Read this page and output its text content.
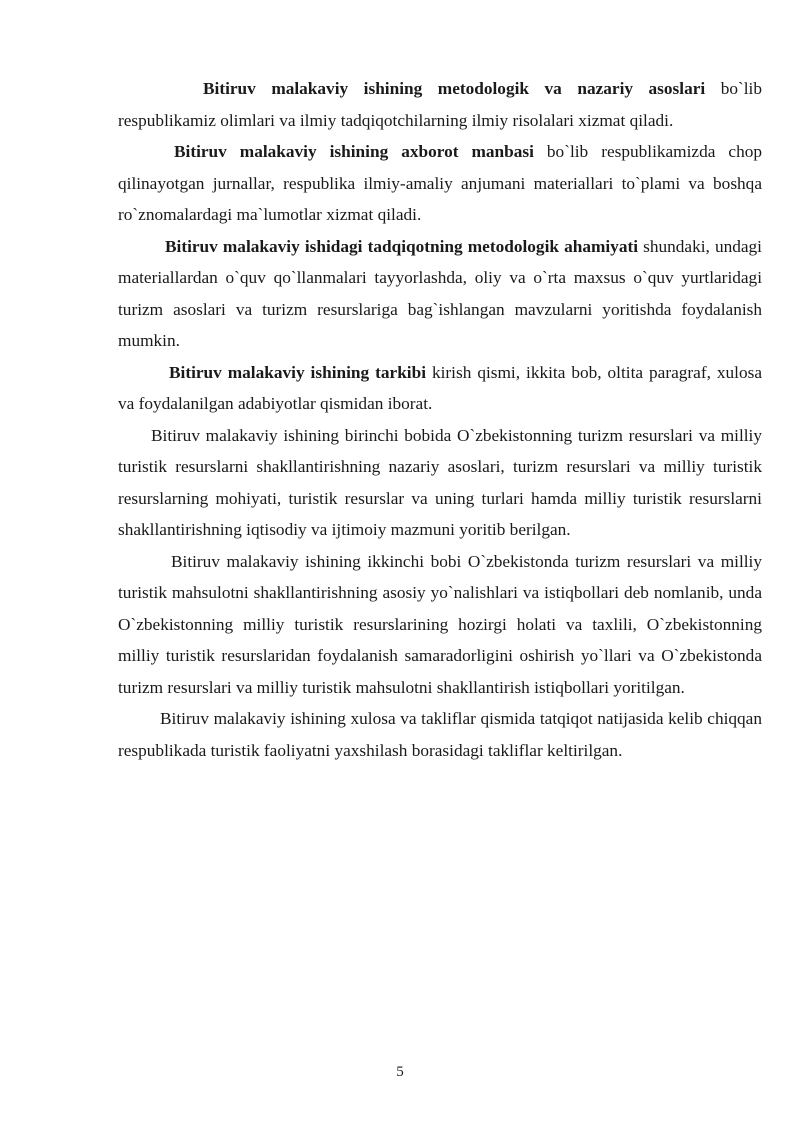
Bitiruv malakaviy ishining metodologik va nazariy asoslari bo`lib respublikamiz olimlari va ilmiy tadqiqotchilarning ilmiy risolalari xizmat qiladi.

Bitiruv malakaviy ishining axborot manbasi bo`lib respublikamizda chop qilinayotgan jurnallar, respublika ilmiy-amaliy anjumani materiallari to`plami va boshqa ro`znomalardagi ma`lumotlar xizmat qiladi.

Bitiruv malakaviy ishidagi tadqiqotning metodologik ahamiyati shundaki, undagi materiallardan o`quv qo`llanmalari tayyorlashda, oliy va o`rta maxsus o`quv yurtlaridagi turizm asoslari va turizm resurslariga bag`ishlangan mavzularni yoritishda foydalanish mumkin.

Bitiruv malakaviy ishining tarkibi kirish qismi, ikkita bob, oltita paragraf, xulosa va foydalanilgan adabiyotlar qismidan iborat.

Bitiruv malakaviy ishining birinchi bobida O`zbekistonning turizm resurslari va milliy turistik resurslarni shakllantirishning nazariy asoslari, turizm resurslari va milliy turistik resurslarning mohiyati, turistik resurslar va uning turlari hamda milliy turistik resurslarni shakllantirishning iqtisodiy va ijtimoiy mazmuni yoritib berilgan.

Bitiruv malakaviy ishining ikkinchi bobi O`zbekistonda turizm resurslari va milliy turistik mahsulotni shakllantirishning asosiy yo`nalishlari va istiqbollari deb nomlanib, unda O`zbekistonning milliy turistik resurslarining hozirgi holati va taxlili, O`zbekistonning milliy turistik resurslaridan foydalanish samaradorligini oshirish yo`llari va O`zbekistonda turizm resurslari va milliy turistik mahsulotni shakllantirish istiqbollari yoritilgan.

Bitiruv malakaviy ishining xulosa va takliflar qismida tatqiqot natijasida kelib chiqqan respublikada turistik faoliyatni yaxshilash borasidagi takliflar keltirilgan.

5
